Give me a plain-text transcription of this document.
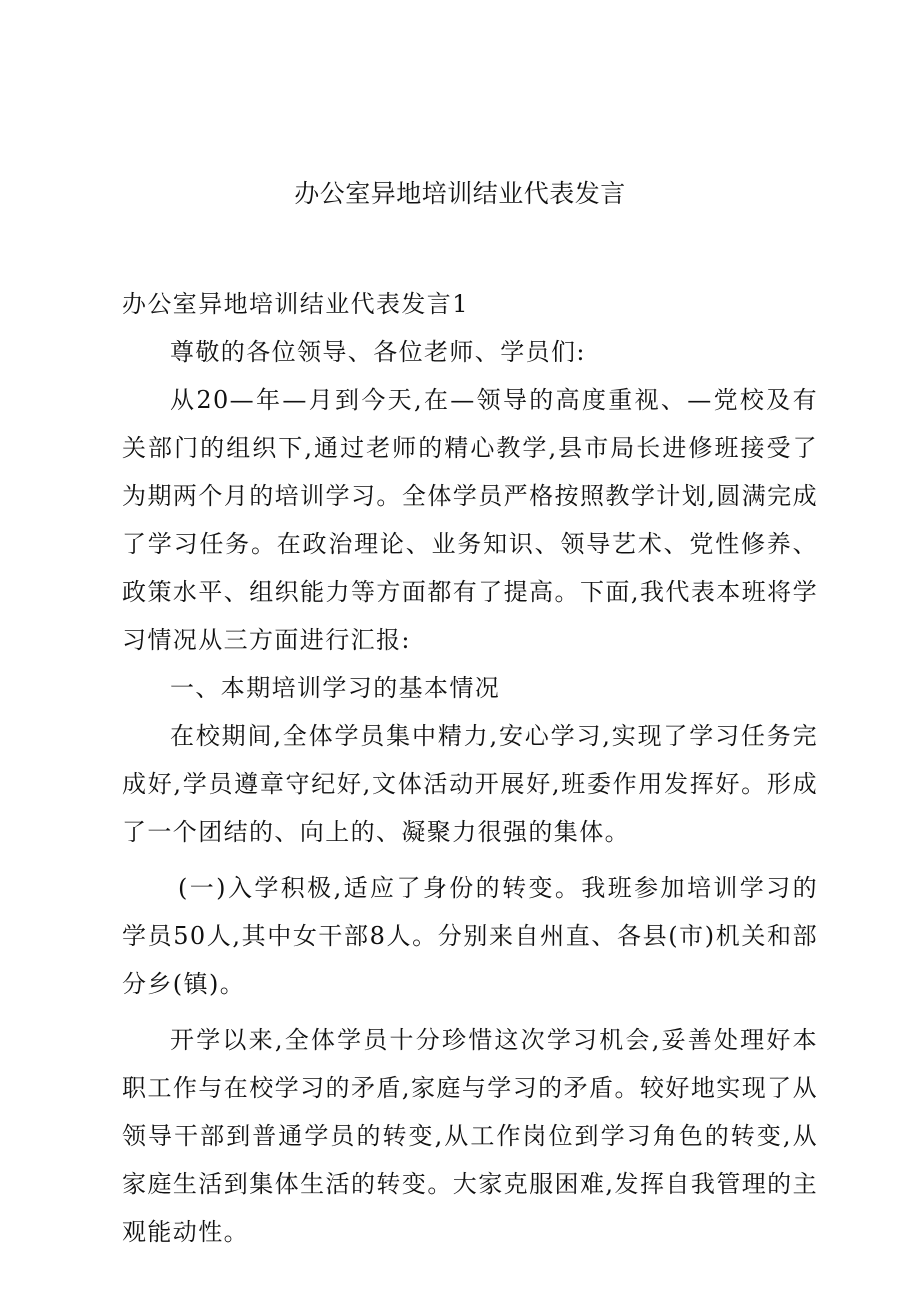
办公室异地培训结业代表发言

办公室异地培训结业代表发言1

尊敬的各位领导、各位老师、学员们:

从20—年—月到今天,在—领导的高度重视、—党校及有关部门的组织下,通过老师的精心教学,县市局长进修班接受了为期两个月的培训学习。全体学员严格按照教学计划,圆满完成了学习任务。在政治理论、业务知识、领导艺术、党性修养、政策水平、组织能力等方面都有了提高。下面,我代表本班将学习情况从三方面进行汇报:

一、本期培训学习的基本情况

在校期间,全体学员集中精力,安心学习,实现了学习任务完成好,学员遵章守纪好,文体活动开展好,班委作用发挥好。形成了一个团结的、向上的、凝聚力很强的集体。

(一)入学积极,适应了身份的转变。我班参加培训学习的学员50人,其中女干部8人。分别来自州直、各县(市)机关和部分乡(镇)。

开学以来,全体学员十分珍惜这次学习机会,妥善处理好本职工作与在校学习的矛盾,家庭与学习的矛盾。较好地实现了从领导干部到普通学员的转变,从工作岗位到学习角色的转变,从家庭生活到集体生活的转变。大家克服困难,发挥自我管理的主观能动性。
